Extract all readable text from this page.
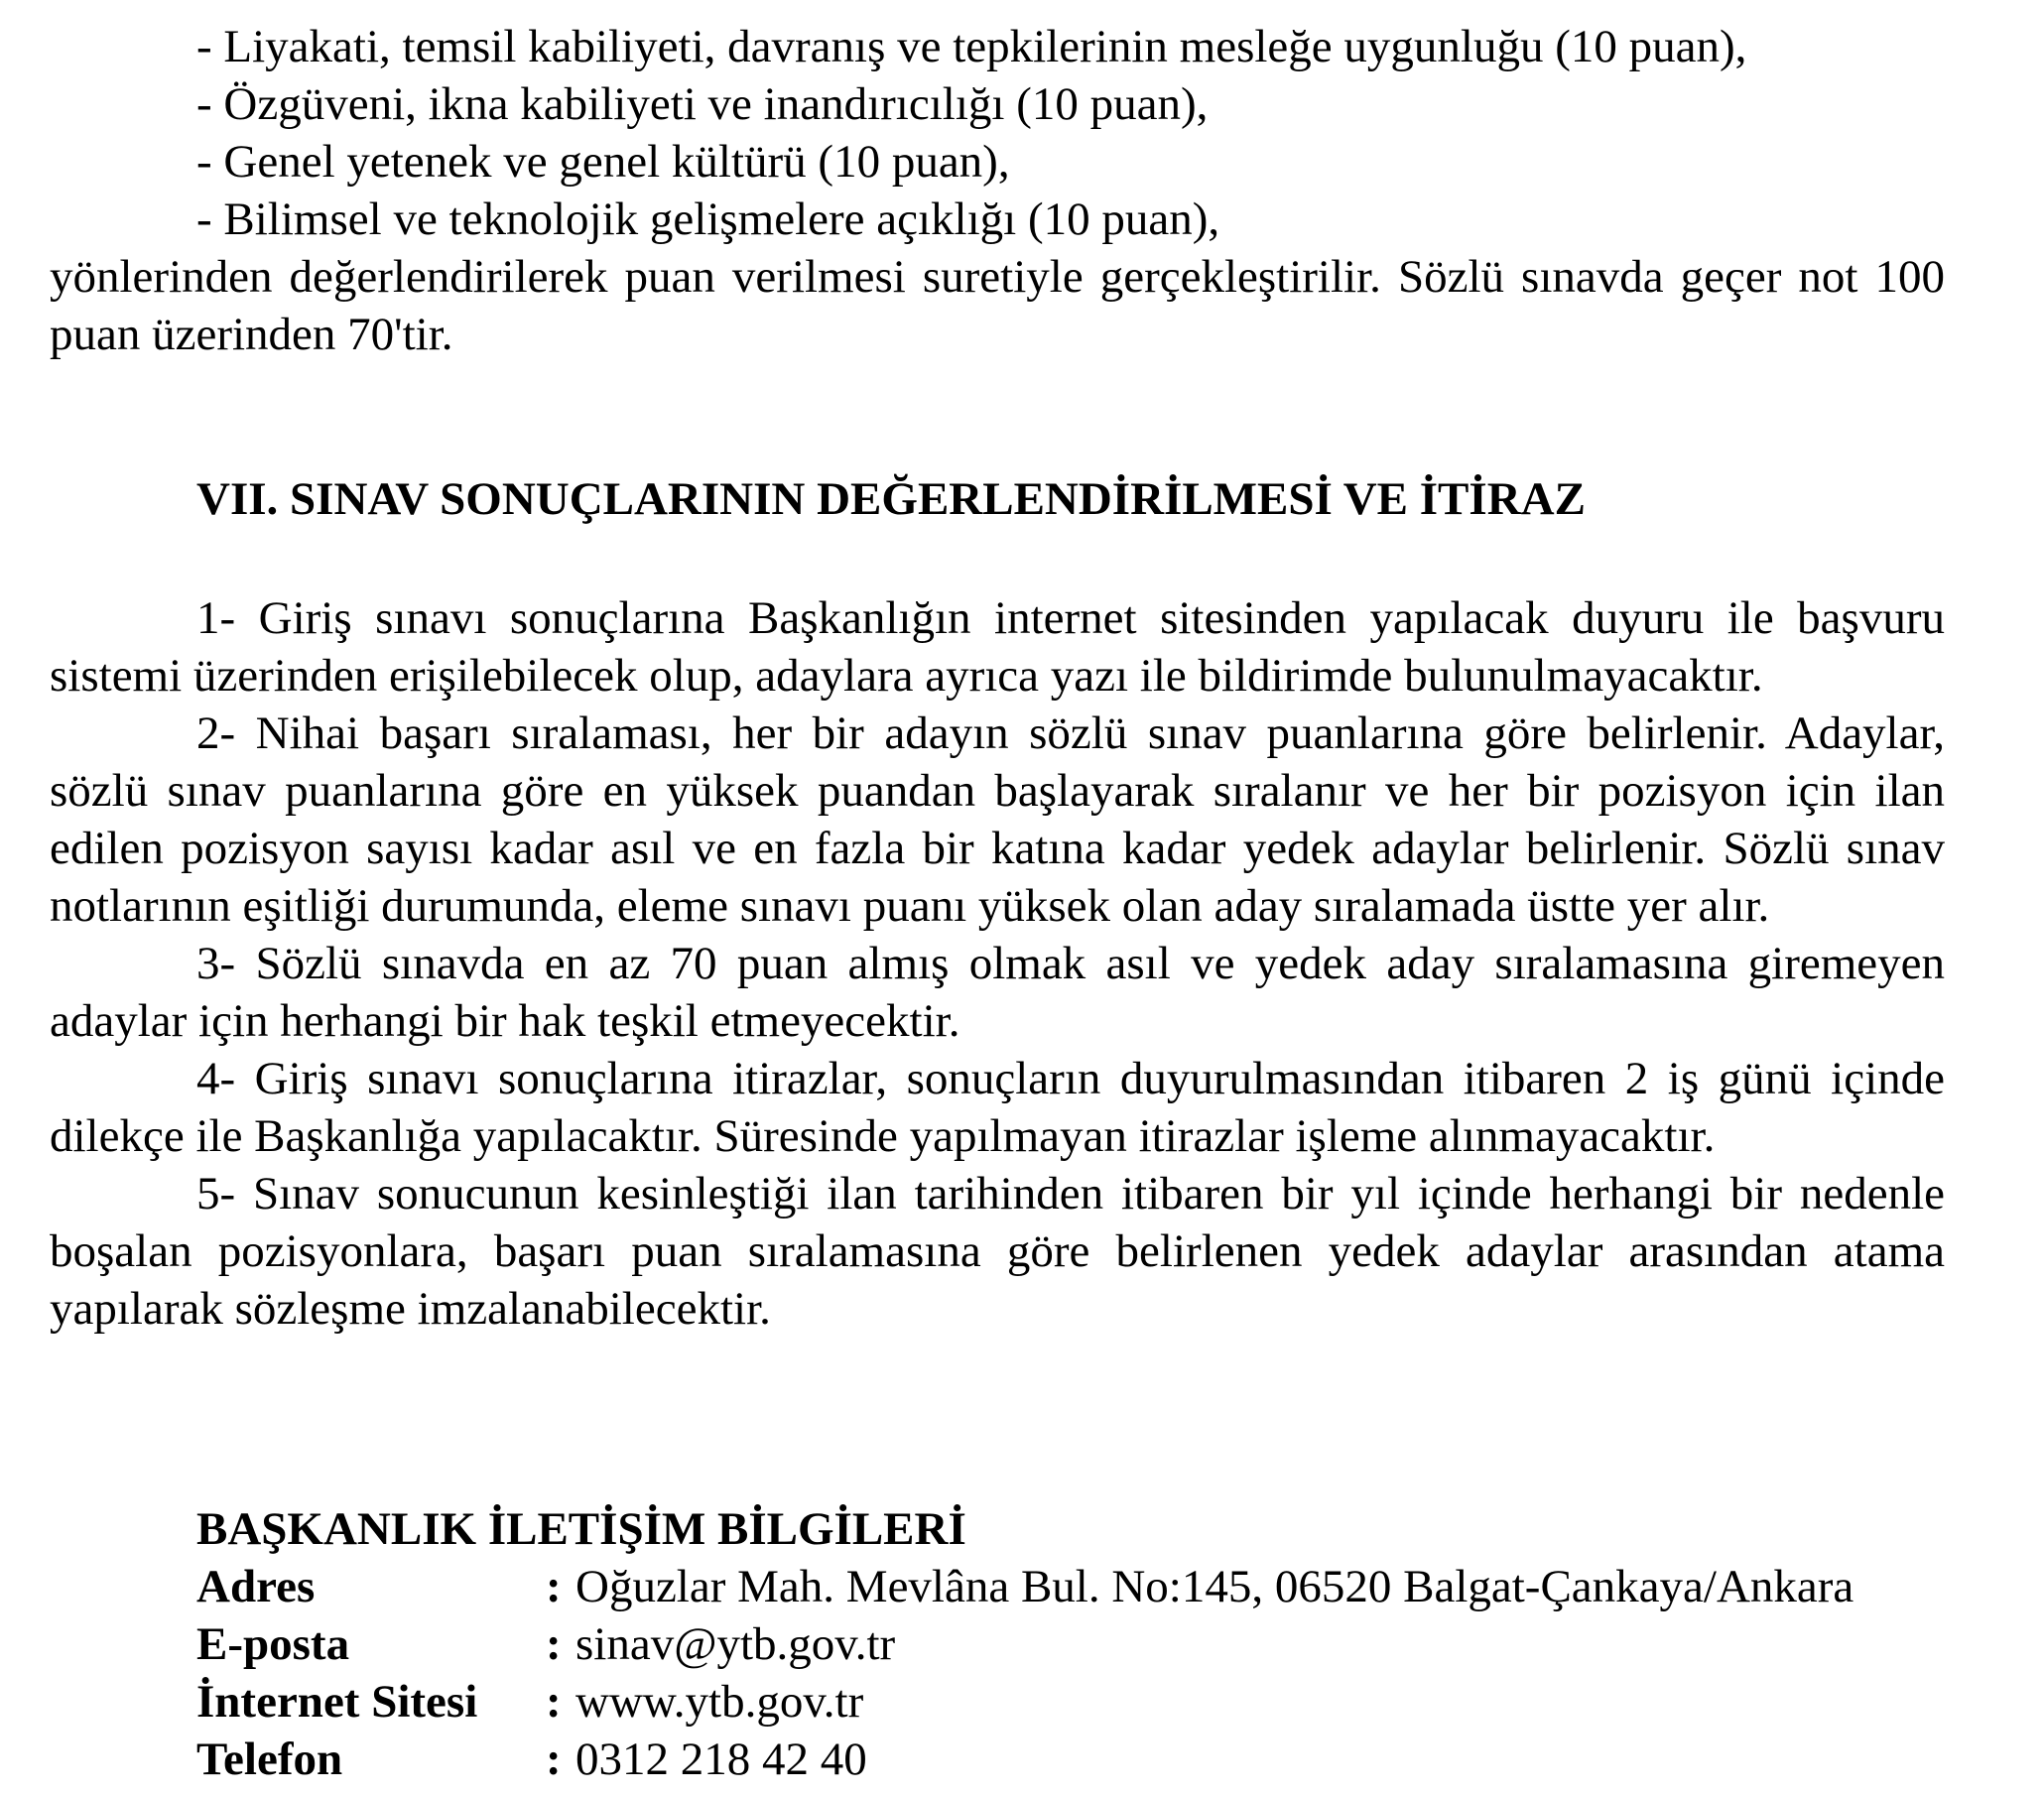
- Liyakati, temsil kabiliyeti, davranış ve tepkilerinin mesleğe uygunluğu (10 puan),
- Özgüveni, ikna kabiliyeti ve inandırıcılığı (10 puan),
- Genel yetenek ve genel kültürü (10 puan),
- Bilimsel ve teknolojik gelişmelere açıklığı (10 puan),

yönlerinden değerlendirilerek puan verilmesi suretiyle gerçekleştirilir. Sözlü sınavda geçer not 100 puan üzerinden 70'tir.

VII. SINAV SONUÇLARININ DEĞERLENDİRİLMESİ VE İTİRAZ

1- Giriş sınavı sonuçlarına Başkanlığın internet sitesinden yapılacak duyuru ile başvuru sistemi üzerinden erişilebilecek olup, adaylara ayrıca yazı ile bildirimde bulunulmayacaktır.

2- Nihai başarı sıralaması, her bir adayın sözlü sınav puanlarına göre belirlenir. Adaylar, sözlü sınav puanlarına göre en yüksek puandan başlayarak sıralanır ve her bir pozisyon için ilan edilen pozisyon sayısı kadar asıl ve en fazla bir katına kadar yedek adaylar belirlenir. Sözlü sınav notlarının eşitliği durumunda, eleme sınavı puanı yüksek olan aday sıralamada üstte yer alır.

3- Sözlü sınavda en az 70 puan almış olmak asıl ve yedek aday sıralamasına giremeyen adaylar için herhangi bir hak teşkil etmeyecektir.

4- Giriş sınavı sonuçlarına itirazlar, sonuçların duyurulmasından itibaren 2 iş günü içinde dilekçe ile Başkanlığa yapılacaktır. Süresinde yapılmayan itirazlar işleme alınmayacaktır.

5- Sınav sonucunun kesinleştiği ilan tarihinden itibaren bir yıl içinde herhangi bir nedenle boşalan pozisyonlara, başarı puan sıralamasına göre belirlenen yedek adaylar arasından atama yapılarak sözleşme imzalanabilecektir.

BAŞKANLIK İLETİŞİM BİLGİLERİ
Adres	: Oğuzlar Mah. Mevlâna Bul. No:145, 06520 Balgat-Çankaya/Ankara
E-posta	: sinav@ytb.gov.tr
İnternet Sitesi	: www.ytb.gov.tr
Telefon	: 0312 218 42 40
